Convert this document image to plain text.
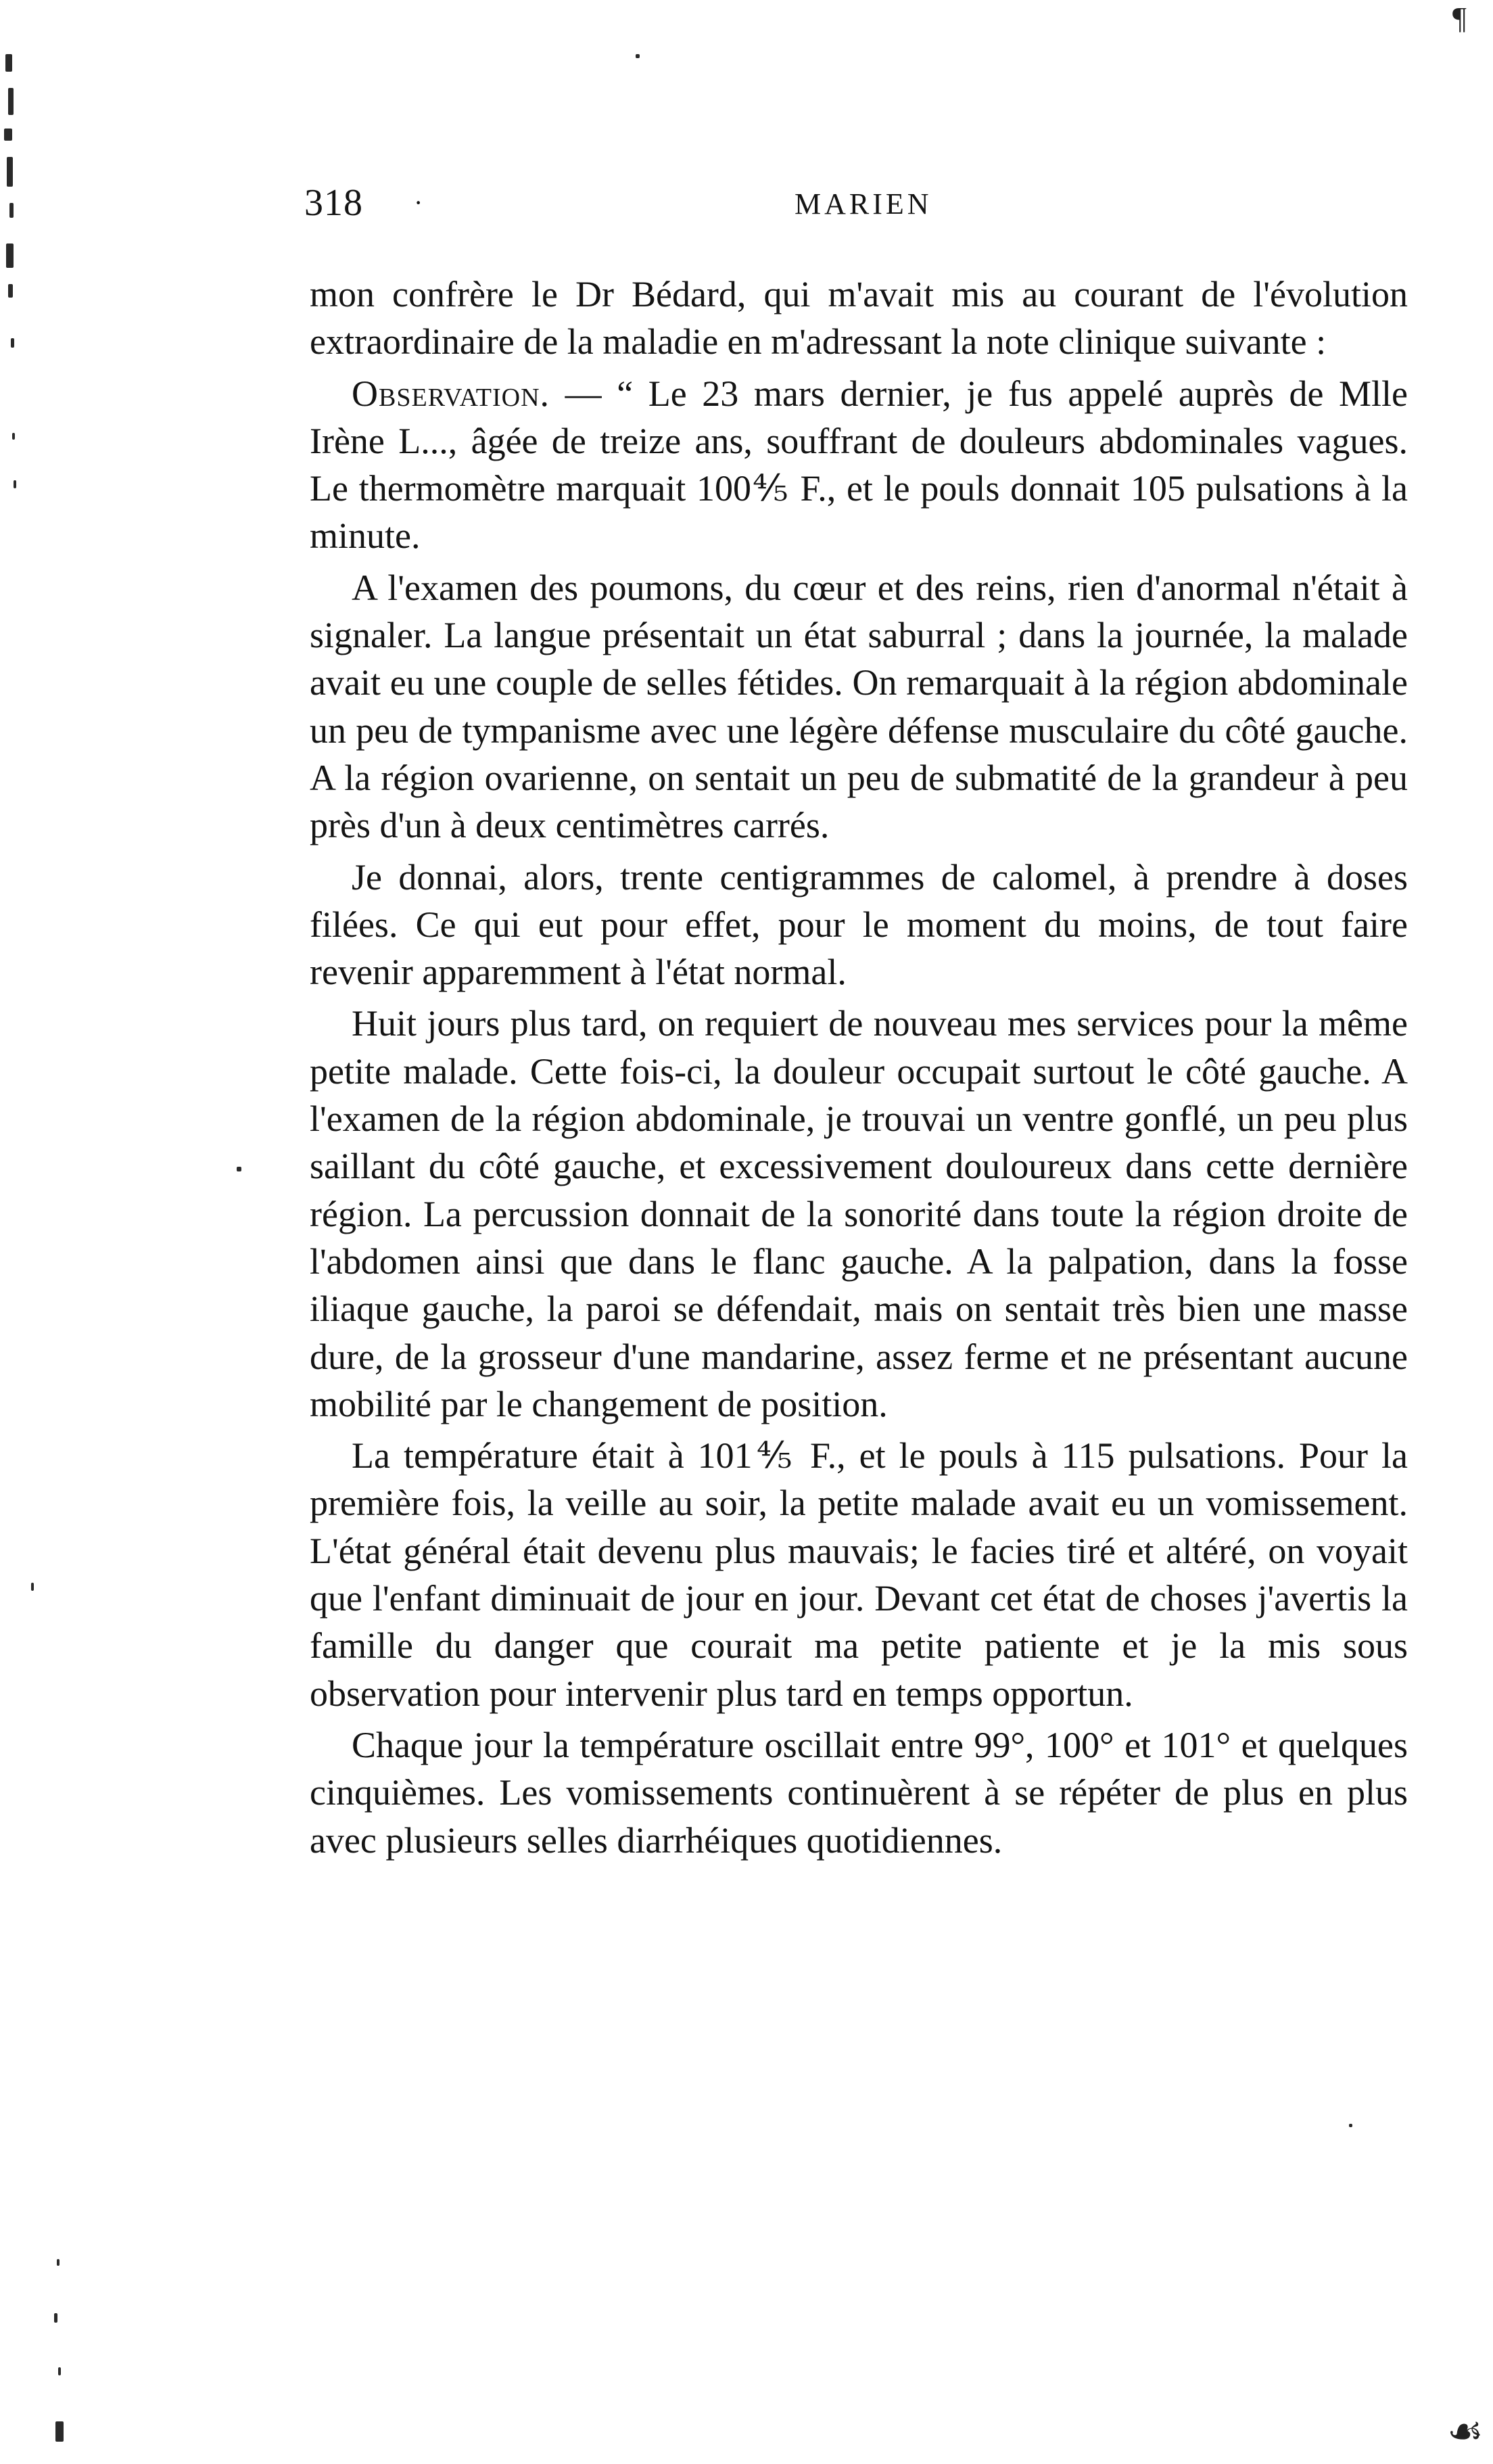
¶
☙
318 ·	MARIEN

mon confrère le Dr Bédard, qui m'avait mis au courant de l'évolution extraordinaire de la maladie en m'adressant la note clinique suivante :

Observation. — “ Le 23 mars dernier, je fus appelé auprès de Mlle Irène L..., âgée de treize ans, souffrant de douleurs abdominales vagues. Le thermomètre marquait 100⅘ F., et le pouls donnait 105 pulsations à la minute.

A l'examen des poumons, du cœur et des reins, rien d'anormal n'était à signaler. La langue présentait un état saburral ; dans la journée, la malade avait eu une couple de selles fétides. On remarquait à la région abdominale un peu de tympanisme avec une légère défense musculaire du côté gauche. A la région ovarienne, on sentait un peu de submatité de la grandeur à peu près d'un à deux centimètres carrés.

Je donnai, alors, trente centigrammes de calomel, à prendre à doses filées. Ce qui eut pour effet, pour le moment du moins, de tout faire revenir apparemment à l'état normal.

Huit jours plus tard, on requiert de nouveau mes services pour la même petite malade. Cette fois-ci, la douleur occupait surtout le côté gauche. A l'examen de la région abdominale, je trouvai un ventre gonflé, un peu plus saillant du côté gauche, et excessivement douloureux dans cette dernière région. La percussion donnait de la sonorité dans toute la région droite de l'abdomen ainsi que dans le flanc gauche. A la palpation, dans la fosse iliaque gauche, la paroi se défendait, mais on sentait très bien une masse dure, de la grosseur d'une mandarine, assez ferme et ne présentant aucune mobilité par le changement de position.

La température était à 101⅘ F., et le pouls à 115 pulsations. Pour la première fois, la veille au soir, la petite malade avait eu un vomissement. L'état général était devenu plus mauvais; le facies tiré et altéré, on voyait que l'enfant diminuait de jour en jour. Devant cet état de choses j'avertis la famille du danger que courait ma petite patiente et je la mis sous observation pour intervenir plus tard en temps opportun.

Chaque jour la température oscillait entre 99°, 100° et 101° et quelques cinquièmes. Les vomissements continuèrent à se répéter de plus en plus avec plusieurs selles diarrhéiques quotidiennes.
